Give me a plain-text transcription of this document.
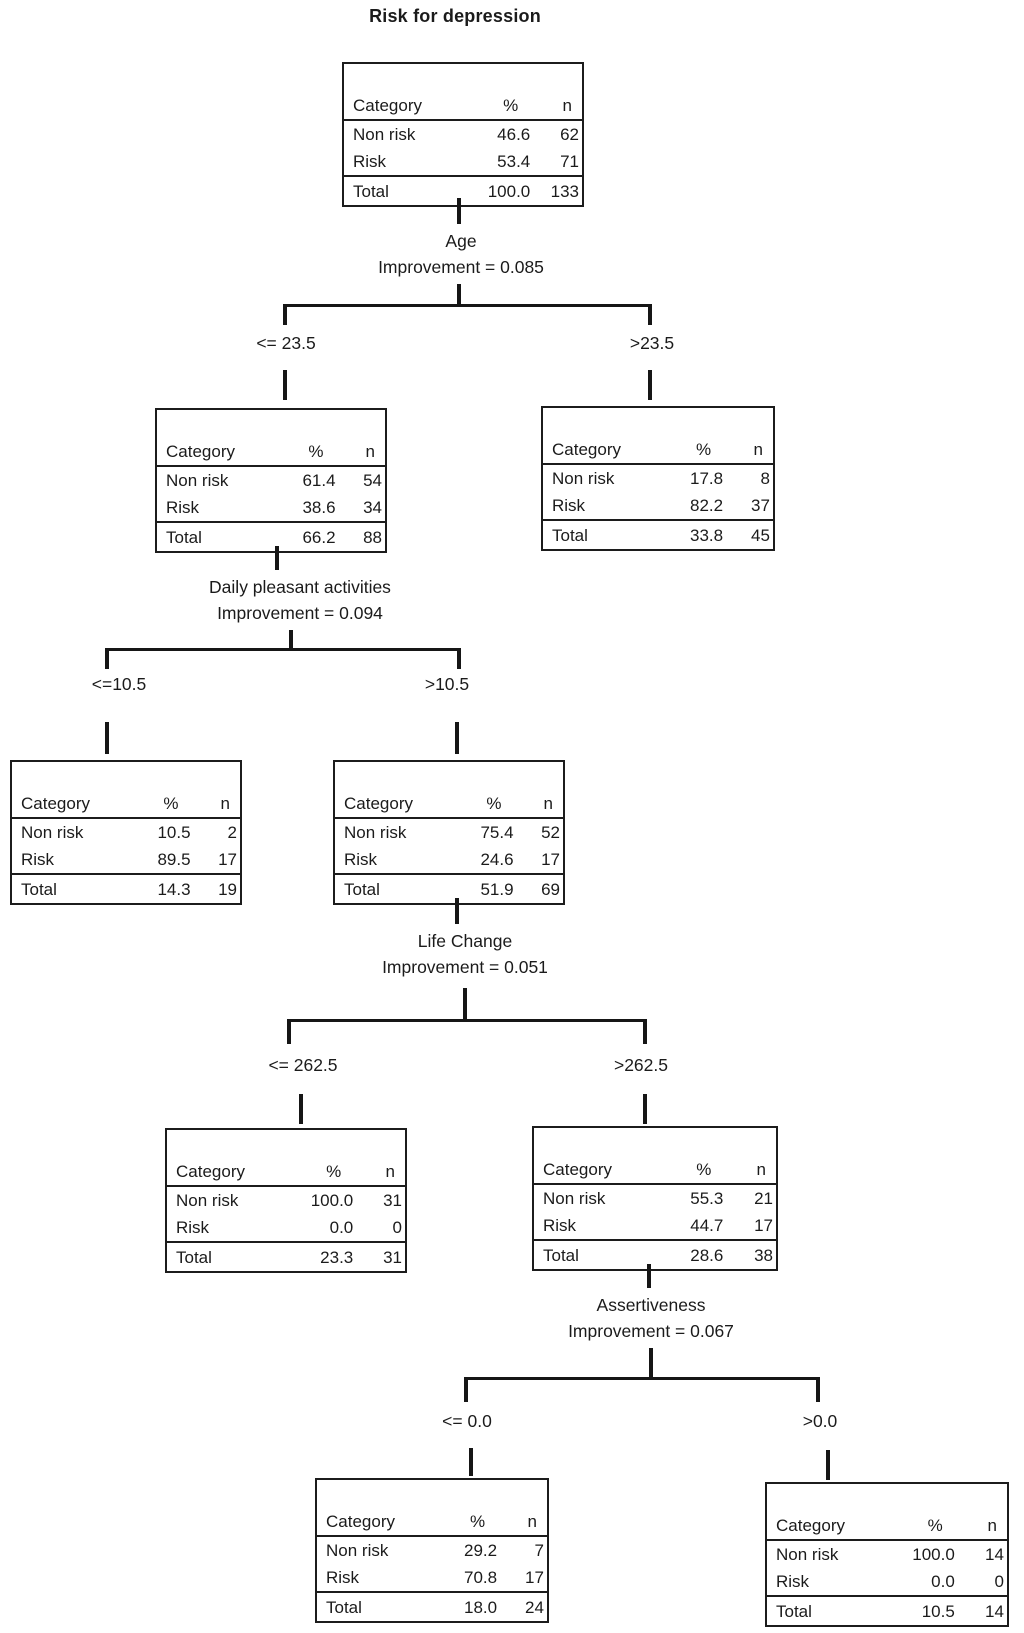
Risk for depression
Category	%	n
Non risk	46.6	62
Risk	53.4	71
Total	100.0	133
Age
Improvement = 0.085
<= 23.5	>23.5
Category	%	n
Non risk	61.4	54
Risk	38.6	34
Total	66.2	88
Category	%	n
Non risk	17.8	8
Risk	82.2	37
Total	33.8	45
Daily pleasant activities
Improvement = 0.094
<=10.5	>10.5
Category	%	n
Non risk	10.5	2
Risk	89.5	17
Total	14.3	19
Category	%	n
Non risk	75.4	52
Risk	24.6	17
Total	51.9	69
Life Change
Improvement = 0.051
<= 262.5	>262.5
Category	%	n
Non risk	100.0	31
Risk	0.0	0
Total	23.3	31
Category	%	n
Non risk	55.3	21
Risk	44.7	17
Total	28.6	38
Assertiveness
Improvement = 0.067
<= 0.0	>0.0
Category	%	n
Non risk	29.2	7
Risk	70.8	17
Total	18.0	24
Category	%	n
Non risk	100.0	14
Risk	0.0	0
Total	10.5	14
